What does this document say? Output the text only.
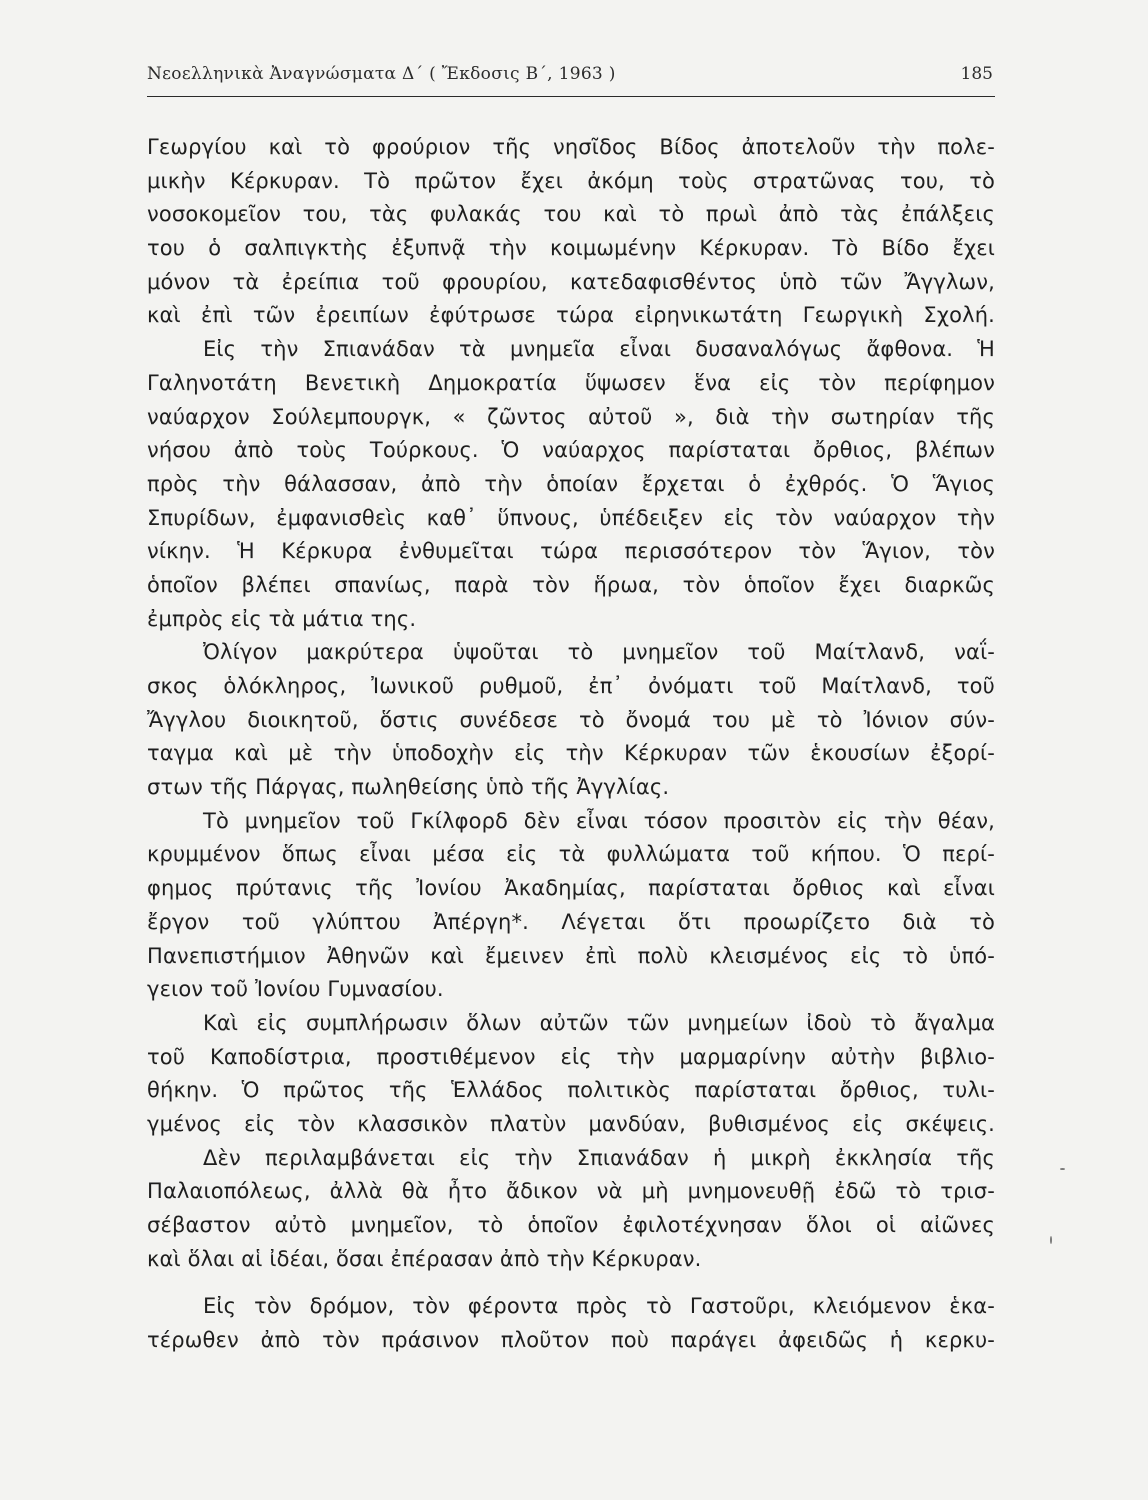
Νεοελληνικὰ Ἀναγνώσματα Δ΄ ( Ἔκδοσις Β΄, 1963 )	185
Γεωργίου καὶ τὸ φρούριον τῆς νησῖδος Βίδος ἀποτελοῦν τὴν πολε-
μικὴν Κέρκυραν. Τὸ πρῶτον ἔχει ἀκόμη τοὺς στρατῶνας του, τὸ
νοσοκομεῖον του, τὰς φυλακάς του καὶ τὸ πρωὶ ἀπὸ τὰς ἐπάλξεις
του ὁ σαλπιγκτὴς ἐξυπνᾷ τὴν κοιμωμένην Κέρκυραν. Τὸ Βίδο ἔχει
μόνον τὰ ἐρείπια τοῦ φρουρίου, κατεδαφισθέντος ὑπὸ τῶν Ἄγγλων,
καὶ ἐπὶ τῶν ἐρειπίων ἐφύτρωσε τώρα εἰρηνικωτάτη Γεωργικὴ Σχολή.
Εἰς τὴν Σπιανάδαν τὰ μνημεῖα εἶναι δυσαναλόγως ἄφθονα. Ἡ
Γαληνοτάτη Βενετικὴ Δημοκρατία ὕψωσεν ἕνα εἰς τὸν περίφημον
ναύαρχον Σούλεμπουργκ, « ζῶντος αὐτοῦ », διὰ τὴν σωτηρίαν τῆς
νήσου ἀπὸ τοὺς Τούρκους. Ὁ ναύαρχος παρίσταται ὄρθιος, βλέπων
πρὸς τὴν θάλασσαν, ἀπὸ τὴν ὁποίαν ἔρχεται ὁ ἐχθρός. Ὁ Ἅγιος
Σπυρίδων, ἐμφανισθεὶς καθ᾽ ὕπνους, ὑπέδειξεν εἰς τὸν ναύαρχον τὴν
νίκην. Ἡ Κέρκυρα ἐνθυμεῖται τώρα περισσότερον τὸν Ἅγιον, τὸν
ὁποῖον βλέπει σπανίως, παρὰ τὸν ἥρωα, τὸν ὁποῖον ἔχει διαρκῶς
ἐμπρὸς εἰς τὰ μάτια της.
Ὀλίγον μακρύτερα ὑψοῦται τὸ μνημεῖον τοῦ Μαίτλανδ, ναΐ-
σκος ὁλόκληρος, Ἰωνικοῦ ρυθμοῦ, ἐπ᾽ ὀνόματι τοῦ Μαίτλανδ, τοῦ
Ἄγγλου διοικητοῦ, ὅστις συνέδεσε τὸ ὄνομά του μὲ τὸ Ἰόνιον σύν-
ταγμα καὶ μὲ τὴν ὑποδοχὴν εἰς τὴν Κέρκυραν τῶν ἑκουσίων ἐξορί-
στων τῆς Πάργας, πωληθείσης ὑπὸ τῆς Ἀγγλίας.
Τὸ μνημεῖον τοῦ Γκίλφορδ δὲν εἶναι τόσον προσιτὸν εἰς τὴν θέαν,
κρυμμένον ὅπως εἶναι μέσα εἰς τὰ φυλλώματα τοῦ κήπου. Ὁ περί-
φημος πρύτανις τῆς Ἰονίου Ἀκαδημίας, παρίσταται ὄρθιος καὶ εἶναι
ἔργον τοῦ γλύπτου Ἀπέργη*. Λέγεται ὅτι προωρίζετο διὰ τὸ
Πανεπιστήμιον Ἀθηνῶν καὶ ἔμεινεν ἐπὶ πολὺ κλεισμένος εἰς τὸ ὑπό-
γειον τοῦ Ἰονίου Γυμνασίου.
Καὶ εἰς συμπλήρωσιν ὅλων αὐτῶν τῶν μνημείων ἰδοὺ τὸ ἄγαλμα
τοῦ Καποδίστρια, προστιθέμενον εἰς τὴν μαρμαρίνην αὐτὴν βιβλιο-
θήκην. Ὁ πρῶτος τῆς Ἑλλάδος πολιτικὸς παρίσταται ὄρθιος, τυλι-
γμένος εἰς τὸν κλασσικὸν πλατὺν μανδύαν, βυθισμένος εἰς σκέψεις.
Δὲν περιλαμβάνεται εἰς τὴν Σπιανάδαν ἡ μικρὴ ἐκκλησία τῆς
Παλαιοπόλεως, ἀλλὰ θὰ ἦτο ἄδικον νὰ μὴ μνημονευθῇ ἐδῶ τὸ τρισ-
σέβαστον αὐτὸ μνημεῖον, τὸ ὁποῖον ἐφιλοτέχνησαν ὅλοι οἱ αἰῶνες
καὶ ὅλαι αἱ ἰδέαι, ὅσαι ἐπέρασαν ἀπὸ τὴν Κέρκυραν.
Εἰς τὸν δρόμον, τὸν φέροντα πρὸς τὸ Γαστοῦρι, κλειόμενον ἑκα-
τέρωθεν ἀπὸ τὸν πράσινον πλοῦτον ποὺ παράγει ἀφειδῶς ἡ κερκυ-
